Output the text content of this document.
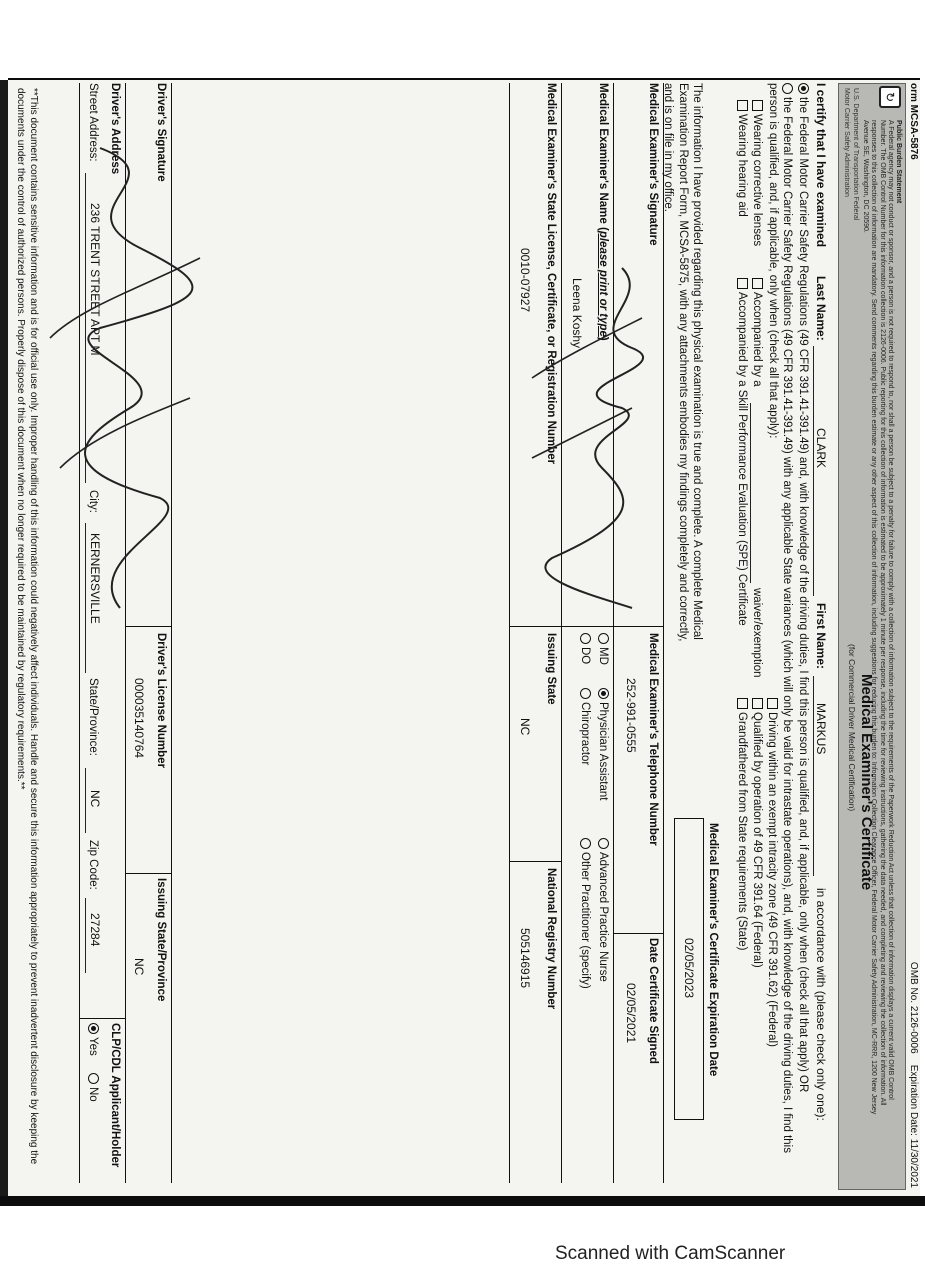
orm MCSA-5876
OMB No. 2126-0006    Expiration Date: 11/30/2021
↻
Public Burden Statement
A Federal agency may not conduct or sponsor, and a person is not required to respond to, nor shall a person be subject to a penalty for failure to comply with a collection of information subject to the requirements of the Paperwork Reduction Act unless that collection of information displays a current valid OMB Control Number. The OMB Control Number for this information collection is 2126-0006. Public reporting for this collection of information is estimated to be approximately 1 minute per response, including the time for reviewing instructions, gathering the data needed, and completing and reviewing the collection of information. All responses to this collection of information are mandatory. Send comments regarding this burden estimate or any other aspect of this collection of information, including suggestions for reducing this burden to: Information Collection Clearance Officer, Federal Motor Carrier Safety Administration, MC-RRR, 1200 New Jersey Avenue SE, Washington, DC 20590.
U.S. Department of Transportation Federal Motor Carrier Safety Administration
Medical Examiner's Certificate
(for Commercial Driver Medical Certification)
I certify that I have examined
Last Name:
CLARK
First Name:
MARKUS
in accordance with (please check only one):
the Federal Motor Carrier Safety Regulations (49 CFR 391.41-391.49) and, with knowledge of the driving duties, I find this person is qualified, and, if applicable, only when (check all that apply) OR
the Federal Motor Carrier Safety Regulations (49 CFR 391.41-391.49) with any applicable State variances (which will only be valid for intrastate operations), and, with knowledge of the driving duties, I find this person is qualified, and, if applicable, only when (check all that apply):
Wearing corrective lenses
Wearing hearing aid
Accompanied by a
waiver/exemption
Accompanied by a Skill Performance Evaluation (SPE) Certificate
Driving within an exempt intracity zone (49 CFR 391.62) (Federal)
Qualified by operation of 49 CFR 391.64 (Federal)
Grandfathered from State requirements (State)
The information I have provided regarding this physical examination is true and complete. A complete Medical Examination Report Form, MCSA-5875, with any attachments embodies my findings completely and correctly, and is on file in my office.
Medical Examiner's Certificate Expiration Date
02/05/2023
Medical Examiner's Signature
Medical Examiner's Telephone Number
252-991-0555
Date Certificate Signed
02/05/2021
Medical Examiner's Name (please print or type)
Leena Koshy
MD
DO
Physician Assistant
Chiropractor
Advanced Practice Nurse
Other Practitioner (specify)
Medical Examiner's State License, Certificate, or Registration Number
0010-07927
Issuing State
NC
National Registry Number
505146915
Driver's Signature
Driver's License Number
000035140764
Issuing State/Province
NC
Driver's Address
CLP/CDL Applicant/Holder
Street Address:
236 TRENT STREET APT M
City:
KERNERSVILLE
State/Province:
NC
Zip Code:
27284
Yes
No
**This document contains sensitive information and is for official use only. Improper handling of this information could negatively affect individuals. Handle and secure this information appropriately to prevent inadvertent disclosure by keeping the documents under the control of authorized persons. Properly dispose of this document when no longer required to be maintained by regulatory requirements.**
Scanned with CamScanner
